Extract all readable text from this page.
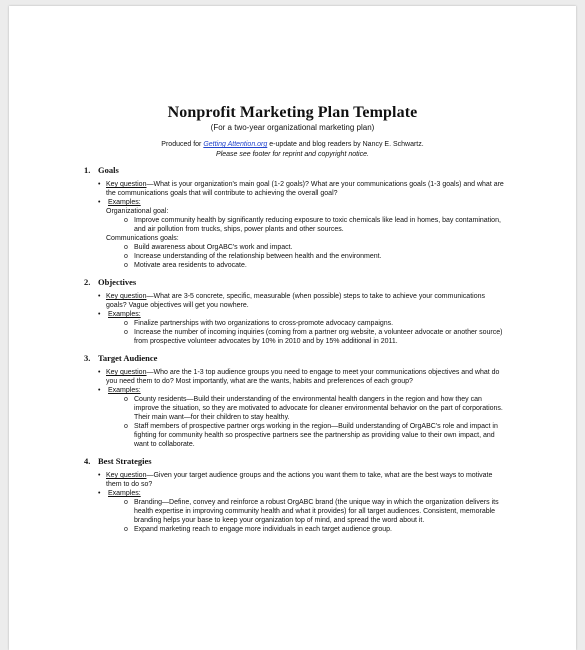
Nonprofit Marketing Plan Template
(For a two-year organizational marketing plan)
Produced for Getting Attention.org e-update and blog readers by Nancy E. Schwartz.
Please see footer for reprint and copyright notice.
1. Goals
• Key question—What is your organization's main goal (1-2 goals)? What are your communications goals (1-3 goals) and what are the communications goals that will contribute to achieving the overall goal?
• Examples:
Organizational goal:
o Improve community health by significantly reducing exposure to toxic chemicals like lead in homes, bay contamination, and air pollution from trucks, ships, power plants and other sources.
Communications goals:
o Build awareness about OrgABC's work and impact.
o Increase understanding of the relationship between health and the environment.
o Motivate area residents to advocate.
2. Objectives
• Key question—What are 3-5 concrete, specific, measurable (when possible) steps to take to achieve your communications goals? Vague objectives will get you nowhere.
• Examples:
o Finalize partnerships with two organizations to cross-promote advocacy campaigns.
o Increase the number of incoming inquiries (coming from a partner org website, a volunteer advocate or another source) from prospective volunteer advocates by 10% in 2010 and by 15% additional in 2011.
3. Target Audience
• Key question—Who are the 1-3 top audience groups you need to engage to meet your communications objectives and what do you need them to do? Most importantly, what are the wants, habits and preferences of each group?
• Examples:
o County residents—Build their understanding of the environmental health dangers in the region and how they can improve the situation, so they are motivated to advocate for cleaner environmental behavior on the part of corporations. Their main want—for their children to stay healthy.
o Staff members of prospective partner orgs working in the region—Build understanding of OrgABC's role and impact in fighting for community health so prospective partners see the partnership as providing value to their own impact, and want to collaborate.
4. Best Strategies
• Key question—Given your target audience groups and the actions you want them to take, what are the best ways to motivate them to do so?
• Examples:
o Branding—Define, convey and reinforce a robust OrgABC brand (the unique way in which the organization delivers its health expertise in improving community health and what it provides) for all target audiences. Consistent, memorable branding helps your base to keep your organization top of mind, and spread the word about it.
o Expand marketing reach to engage more individuals in each target audience group.
